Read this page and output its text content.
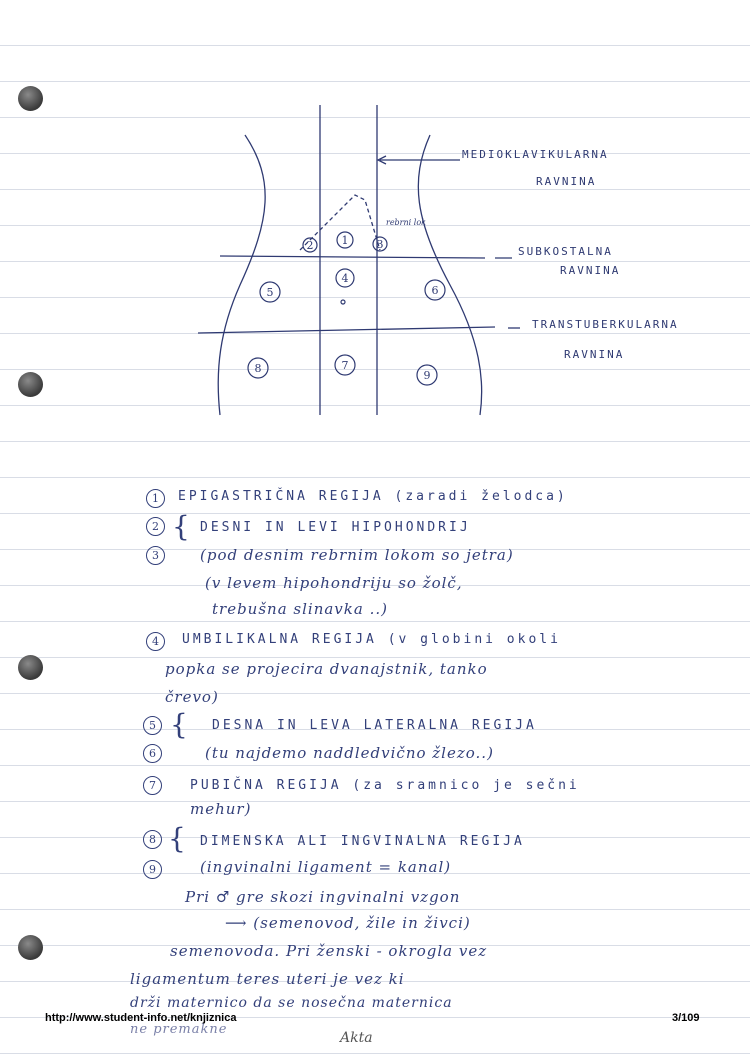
1
2	3
4
5	6
7
8
9
rebrni lok
MEDIOKLAVIKULARNA
RAVNINA
SUBKOSTALNA
RAVNINA
TRANSTUBERKULARNA
RAVNINA
1	EPIGASTRIČNA REGIJA (zaradi želodca)
2 { DESNI IN LEVI HIPOHONDRIJ
3	(pod desnim rebrnim lokom so jetra)
(v levem hipohondriju so žolč,
trebušna slinavka ..)
4	UMBILIKALNA REGIJA (v globini okoli
popka se projecira dvanajstnik, tanko
črevo)
5 { DESNA IN LEVA LATERALNA REGIJA
6	(tu najdemo naddledvično žlezo..)
7	PUBIČNA REGIJA (za sramnico je sečni
mehur)
8 { DIMENSKA ALI INGVINALNA REGIJA
9	(ingvinalni ligament = kanal)
Pri ♂ gre skozi ingvinalni vzgon
⟶ (semenovod, žile in živci)
semenovoda. Pri ženski - okrogla vez
ligamentum teres uteri je vez ki
drži maternico da se nosečna maternica
ne premakne
http://www.student-info.net/knjiznica	3/109
Akta
